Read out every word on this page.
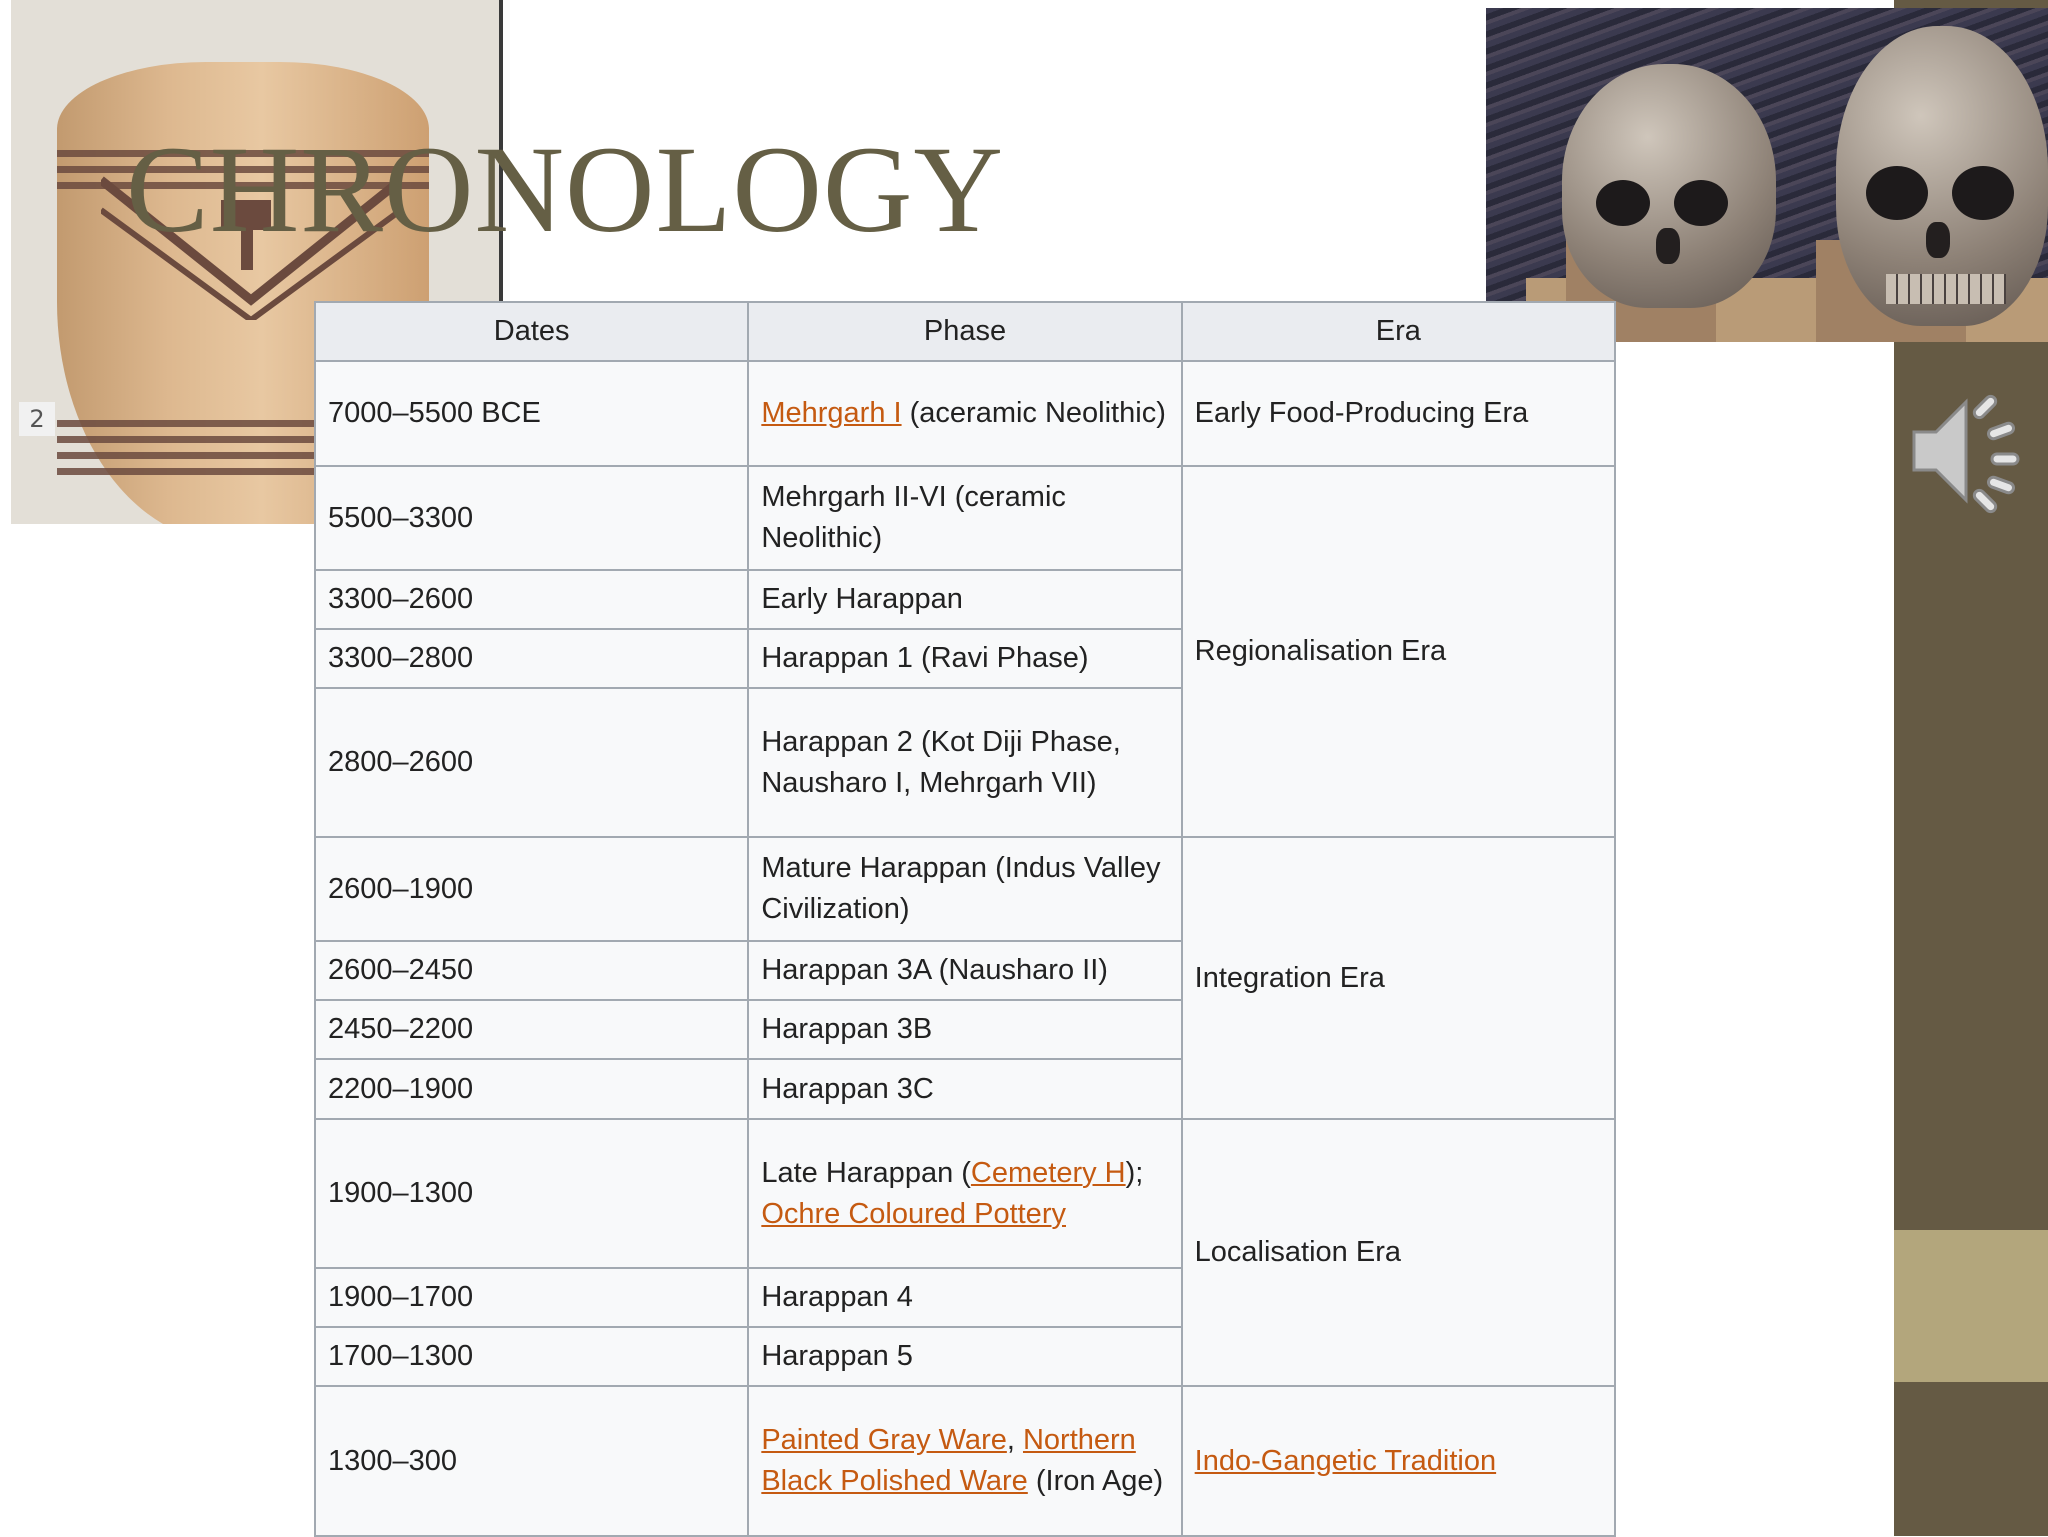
2
CHRONOLOGY
Dates	Phase	Era
7000–5500 BCE	Mehrgarh I (aceramic Neolithic)	Early Food-Producing Era
5500–3300	Mehrgarh II-VI (ceramic Neolithic)	Regionalisation Era
3300–2600	Early Harappan	
3300–2800	Harappan 1 (Ravi Phase)	
2800–2600	Harappan 2 (Kot Diji Phase, Nausharo I, Mehrgarh VII)	
2600–1900	Mature Harappan (Indus Valley Civilization)	Integration Era
2600–2450	Harappan 3A (Nausharo II)	
2450–2200	Harappan 3B	
2200–1900	Harappan 3C	
1900–1300	Late Harappan (Cemetery H); Ochre Coloured Pottery	Localisation Era
1900–1700	Harappan 4	
1700–1300	Harappan 5	
1300–300	Painted Gray Ware, Northern Black Polished Ware (Iron Age)	Indo-Gangetic Tradition
